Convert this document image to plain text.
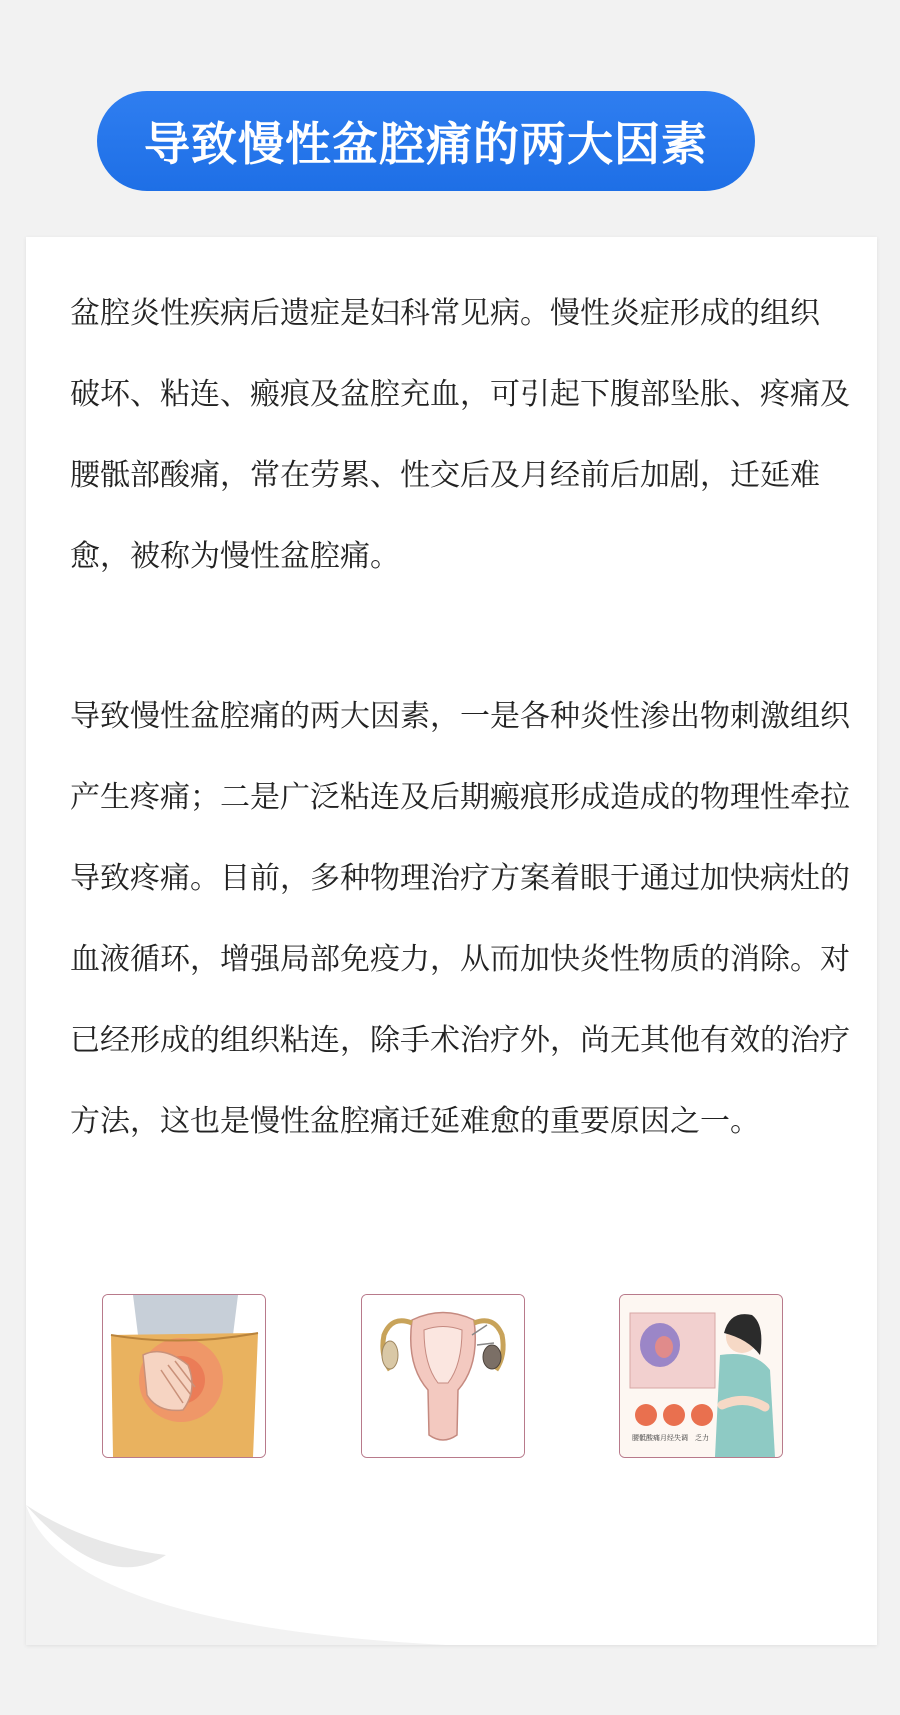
导致慢性盆腔痛的两大因素

盆腔炎性疾病后遗症是妇科常见病。慢性炎症形成的组织 破坏、粘连、瘢痕及盆腔充血，可引起下腹部坠胀、疼痛及腰骶部酸痛，常在劳累、性交后及月经前后加剧，迁延难愈，被称为慢性盆腔痛。

导致慢性盆腔痛的两大因素，一是各种炎性渗出物刺激组织产生疼痛；二是广泛粘连及后期瘢痕形成造成的物理性牵拉导致疼痛。目前，多种物理治疗方案着眼于通过加快病灶的血液循环，增强局部免疫力，从而加快炎性物质的消除。对已经形成的组织粘连，除手术治疗外，尚无其他有效的治疗方法，这也是慢性盆腔痛迁延难愈的重要原因之一。

腰骶酸痛 月经失调 乏力
